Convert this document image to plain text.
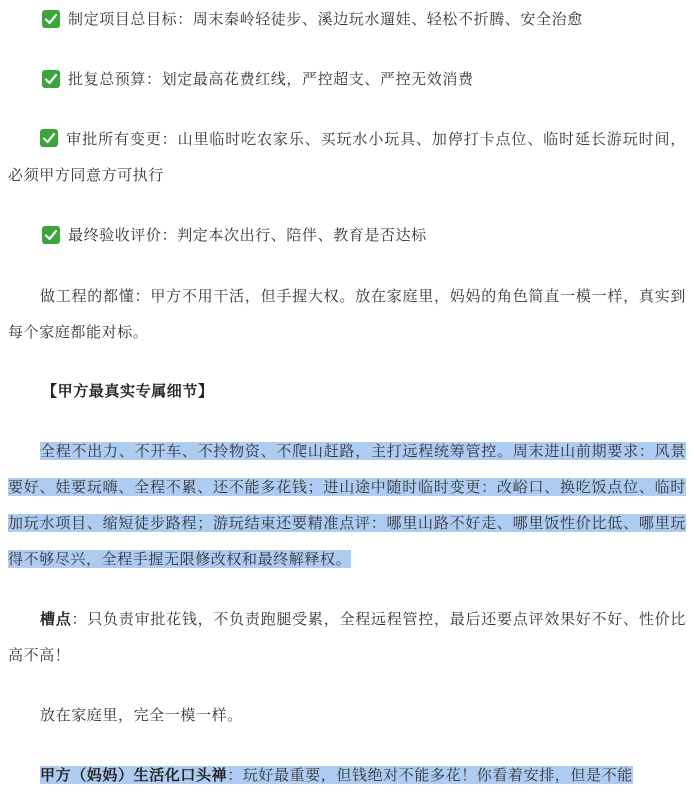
制定项目总目标：周末秦岭轻徒步、溪边玩水遛娃、轻松不折腾、安全治愈
批复总预算：划定最高花费红线，严控超支、严控无效消费

审批所有变更：山里临时吃农家乐、买玩水小玩具、加停打卡点位、临时延长游玩时间，必须甲方同意方可执行

最终验收评价：判定本次出行、陪伴、教育是否达标

做工程的都懂：甲方不用干活，但手握大权。放在家庭里，妈妈的角色简直一模一样，真实到每个家庭都能对标。

【甲方最真实专属细节】

全程不出力、不开车、不拎物资、不爬山赶路，主打远程统筹管控。周末进山前期要求：风景要好、娃要玩嗨、全程不累、还不能多花钱；进山途中随时临时变更：改峪口、换吃饭点位、临时加玩水项目、缩短徒步路程；游玩结束还要精准点评：哪里山路不好走、哪里饭性价比低、哪里玩得不够尽兴，全程手握无限修改权和最终解释权。

槽点：只负责审批花钱，不负责跑腿受累，全程远程管控，最后还要点评效果好不好、性价比高不高！

放在家庭里，完全一模一样。

甲方（妈妈）生活化口头禅：玩好最重要，但钱绝对不能多花！你看着安排，但是不能
